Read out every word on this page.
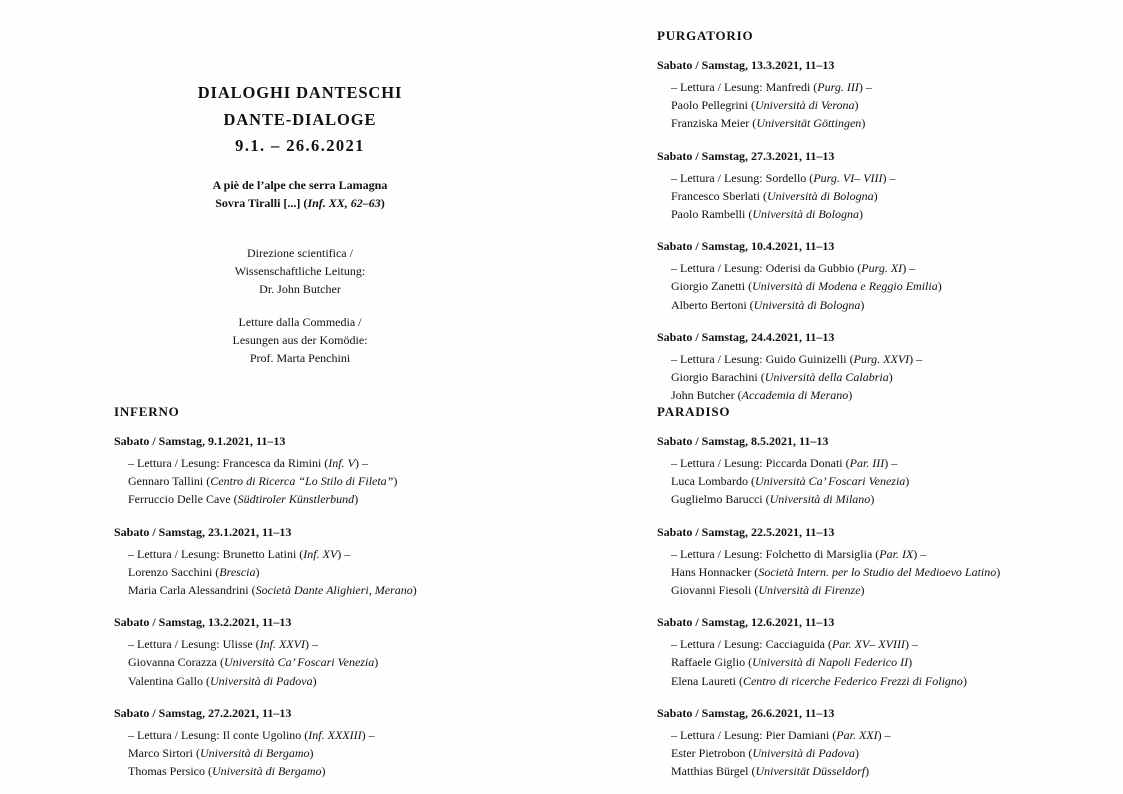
DIALOGHI DANTESCHI
DANTE-DIALOGE
9.1. – 26.6.2021
A piè de l’alpe che serra Lamagna
Sovra Tiralli [...] (Inf. XX, 62–63)
Direzione scientifica /
Wissenschaftliche Leitung:
Dr. John Butcher
Letture dalla Commedia /
Lesungen aus der Komödie:
Prof. Marta Penchini
INFERNO
Sabato / Samstag, 9.1.2021, 11–13
– Lettura / Lesung: Francesca da Rimini (Inf. V) –
Gennaro Tallini (Centro di Ricerca “Lo Stilo di Fileta”)
Ferruccio Delle Cave (Südtiroler Künstlerbund)
Sabato / Samstag, 23.1.2021, 11–13
– Lettura / Lesung: Brunetto Latini (Inf. XV) –
Lorenzo Sacchini (Brescia)
Maria Carla Alessandrini (Società Dante Alighieri, Merano)
Sabato / Samstag, 13.2.2021, 11–13
– Lettura / Lesung: Ulisse (Inf. XXVI) –
Giovanna Corazza (Università Ca’ Foscari Venezia)
Valentina Gallo (Università di Padova)
Sabato / Samstag, 27.2.2021, 11–13
– Lettura / Lesung: Il conte Ugolino (Inf. XXXIII) –
Marco Sirtori (Università di Bergamo)
Thomas Persico (Università di Bergamo)
PURGATORIO
Sabato / Samstag, 13.3.2021, 11–13
– Lettura / Lesung: Manfredi (Purg. III) –
Paolo Pellegrini (Università di Verona)
Franziska Meier (Universität Göttingen)
Sabato / Samstag, 27.3.2021, 11–13
– Lettura / Lesung: Sordello (Purg. VI– VIII) –
Francesco Sberlati (Università di Bologna)
Paolo Rambelli (Università di Bologna)
Sabato / Samstag, 10.4.2021, 11–13
– Lettura / Lesung: Oderisi da Gubbio (Purg. XI) –
Giorgio Zanetti (Università di Modena e Reggio Emilia)
Alberto Bertoni (Università di Bologna)
Sabato / Samstag, 24.4.2021, 11–13
– Lettura / Lesung: Guido Guinizelli (Purg. XXVI) –
Giorgio Barachini (Università della Calabria)
John Butcher (Accademia di Merano)
PARADISO
Sabato / Samstag, 8.5.2021, 11–13
– Lettura / Lesung: Piccarda Donati (Par. III) –
Luca Lombardo (Università Ca’ Foscari Venezia)
Guglielmo Barucci (Università di Milano)
Sabato / Samstag, 22.5.2021, 11–13
– Lettura / Lesung: Folchetto di Marsiglia (Par. IX) –
Hans Honnacker (Società Intern. per lo Studio del Medioevo Latino)
Giovanni Fiesoli (Università di Firenze)
Sabato / Samstag, 12.6.2021, 11–13
– Lettura / Lesung: Cacciaguida (Par. XV– XVIII) –
Raffaele Giglio (Università di Napoli Federico II)
Elena Laureti (Centro di ricerche Federico Frezzi di Foligno)
Sabato / Samstag, 26.6.2021, 11–13
– Lettura / Lesung: Pier Damiani (Par. XXI) –
Ester Pietrobon (Università di Padova)
Matthias Bürgel (Universität Düsseldorf)
